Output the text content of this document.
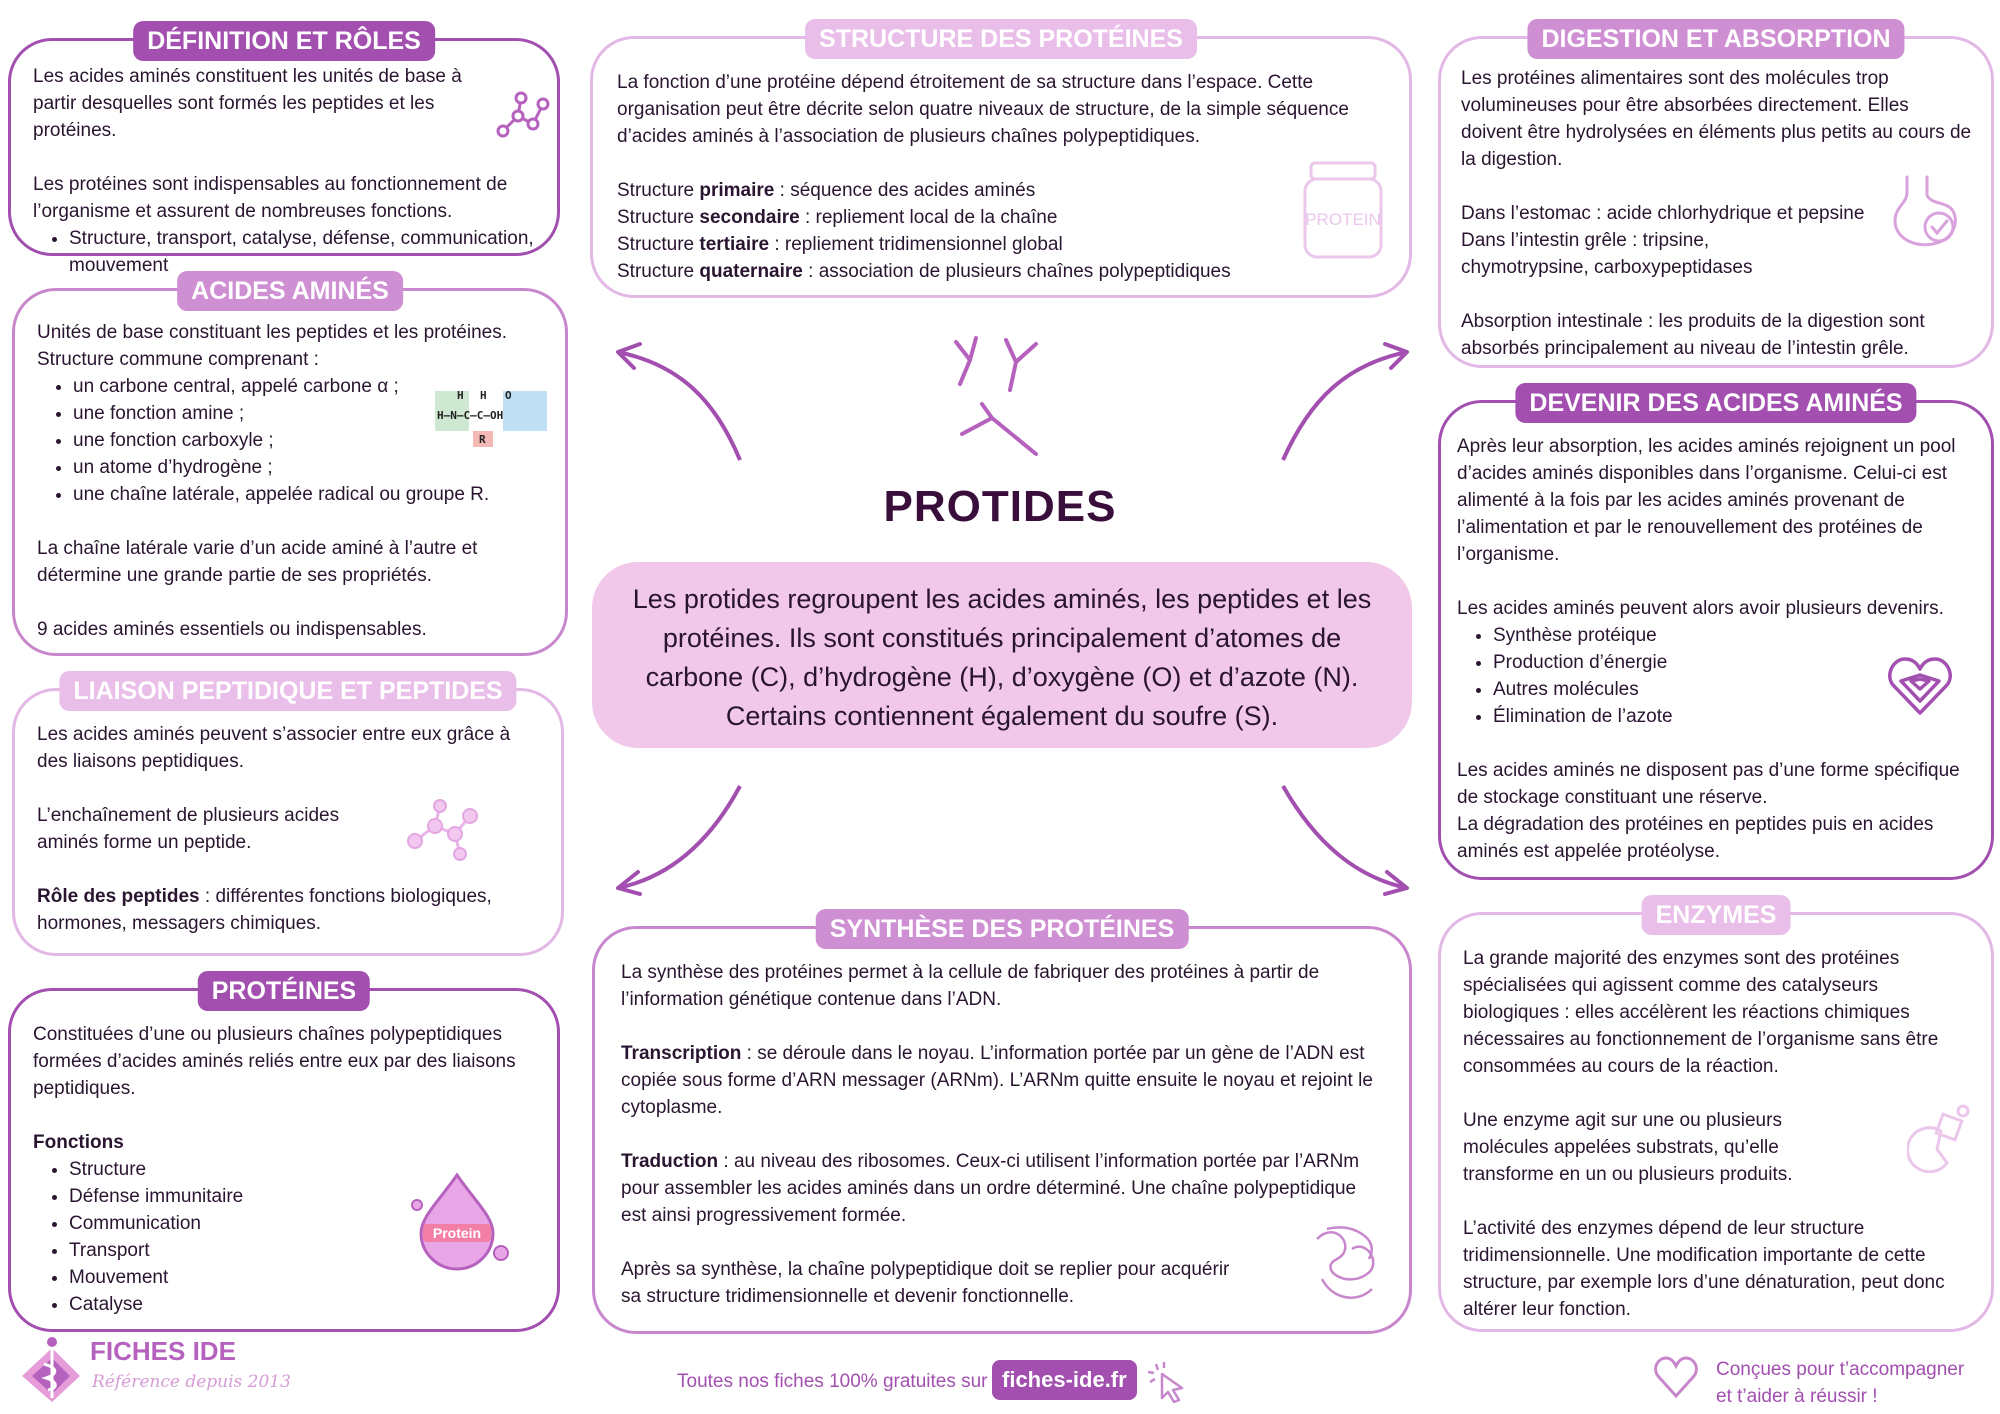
DÉFINITION ET RÔLES

Les acides aminés constituent les unités de base à partir desquelles sont formés les peptides et les protéines.

Les protéines sont indispensables au fonctionnement de l’organisme et assurent de nombreuses fonctions.

• Structure, transport, catalyse, défense, communication, mouvement
ACIDES AMINÉS
Unités de base constituant les peptides et les protéines.
Structure commune comprenant :
• un carbone central, appelé carbone α ;
• une fonction amine ;
• une fonction carboxyle ;
• un atome d’hydrogène ;
• une chaîne latérale, appelée radical ou groupe R.

La chaîne latérale varie d’un acide aminé à l’autre et détermine une grande partie de ses propriétés.

9 acides aminés essentiels ou indispensables.

H H O
H–N–C–C–OH
R
LIAISON PEPTIDIQUE ET PEPTIDES

Les acides aminés peuvent s’associer entre eux grâce à des liaisons peptidiques.

L’enchaînement de plusieurs acides aminés forme un peptide.

Rôle des peptides : différentes fonctions biologiques, hormones, messagers chimiques.

PROTÉINES

Constituées d’une ou plusieurs chaînes polypeptidiques formées d’acides aminés reliés entre eux par des liaisons peptidiques.

Fonctions
• Structure
• Défense immunitaire
• Communication
• Transport
• Mouvement
• Catalyse
Protein
STRUCTURE DES PROTÉINES

La fonction d’une protéine dépend étroitement de sa structure dans l’espace. Cette organisation peut être décrite selon quatre niveaux de structure, de la simple séquence d’acides aminés à l’association de plusieurs chaînes polypeptidiques.

Structure primaire : séquence des acides aminés
Structure secondaire : repliement local de la chaîne
Structure tertiaire : repliement tridimensionnel global
Structure quaternaire : association de plusieurs chaînes polypeptidiques
PROTEIN
PROTIDES
Les protides regroupent les acides aminés, les peptides et les protéines. Ils sont constitués principalement d’atomes de carbone (C), d’hydrogène (H), d’oxygène (O) et d’azote (N). Certains contiennent également du soufre (S).
SYNTHÈSE DES PROTÉINES

La synthèse des protéines permet à la cellule de fabriquer des protéines à partir de l’information génétique contenue dans l’ADN.

Transcription : se déroule dans le noyau. L’information portée par un gène de l’ADN est copiée sous forme d’ARN messager (ARNm). L’ARNm quitte ensuite le noyau et rejoint le cytoplasme.

Traduction : au niveau des ribosomes. Ceux-ci utilisent l’information portée par l’ARNm pour assembler les acides aminés dans un ordre déterminé. Une chaîne polypeptidique est ainsi progressivement formée.

Après sa synthèse, la chaîne polypeptidique doit se replier pour acquérir sa structure tridimensionnelle et devenir fonctionnelle.

DIGESTION ET ABSORPTION

Les protéines alimentaires sont des molécules trop volumineuses pour être absorbées directement. Elles doivent être hydrolysées en éléments plus petits au cours de la digestion.

Dans l’estomac : acide chlorhydrique et pepsine

Dans l’intestin grêle : tripsine, chymotrypsine, carboxypeptidases

Absorption intestinale : les produits de la digestion sont absorbés principalement au niveau de l’intestin grêle.

DEVENIR DES ACIDES AMINÉS

Après leur absorption, les acides aminés rejoignent un pool d’acides aminés disponibles dans l’organisme. Celui-ci est alimenté à la fois par les acides aminés provenant de l’alimentation et par le renouvellement des protéines de l’organisme.

Les acides aminés peuvent alors avoir plusieurs devenirs.
• Synthèse protéique
• Production d’énergie
• Autres molécules
• Élimination de l’azote
Les acides aminés ne disposent pas d’une forme spécifique de stockage constituant une réserve.
La dégradation des protéines en peptides puis en acides aminés est appelée protéolyse.
ENZYMES

La grande majorité des enzymes sont des protéines spécialisées qui agissent comme des catalyseurs biologiques : elles accélèrent les réactions chimiques nécessaires au fonctionnement de l’organisme sans être consommées au cours de la réaction.

Une enzyme agit sur une ou plusieurs molécules appelées substrats, qu’elle transforme en un ou plusieurs produits.

L’activité des enzymes dépend de leur structure tridimensionnelle. Une modification importante de cette structure, par exemple lors d’une dénaturation, peut donc altérer leur fonction.

FICHES IDE
Référence depuis 2013	Toutes nos fiches 100% gratuites sur fiches-ide.fr	Conçues pour t’accompagner
et t’aider à réussir !
